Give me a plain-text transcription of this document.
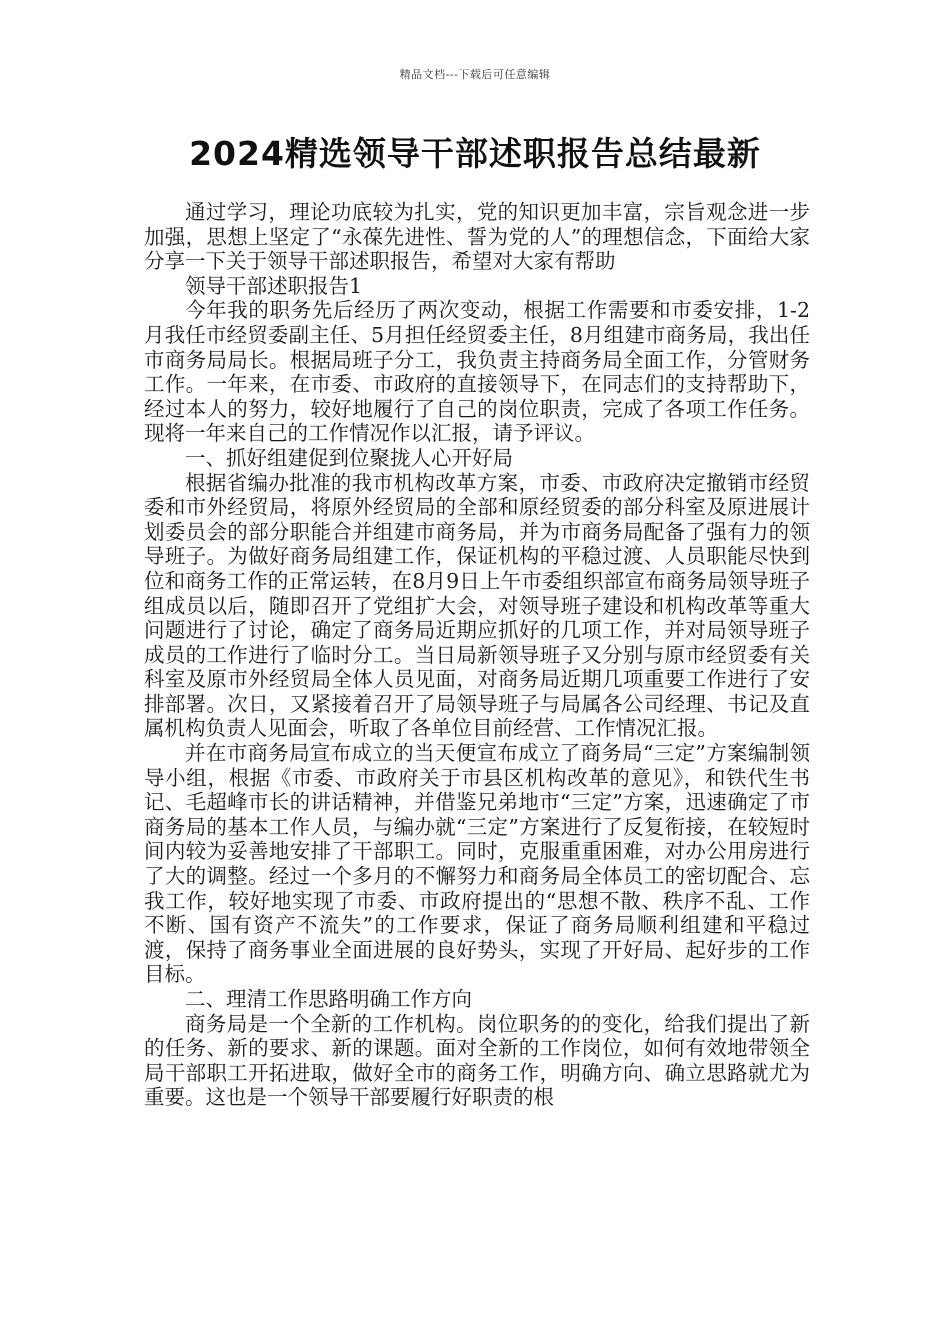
精品文档---下载后可任意编辑
2024精选领导干部述职报告总结最新

通过学习，理论功底较为扎实，党的知识更加丰富，宗旨观念进一步加强，思想上坚定了“永葆先进性、誓为党的人”的理想信念，下面给大家分享一下关于领导干部述职报告，希望对大家有帮助

领导干部述职报告1

今年我的职务先后经历了两次变动，根据工作需要和市委安排，1-2月我任市经贸委副主任、5月担任经贸委主任，8月组建市商务局，我出任市商务局局长。根据局班子分工，我负责主持商务局全面工作，分管财务工作。一年来，在市委、市政府的直接领导下，在同志们的支持帮助下，经过本人的努力，较好地履行了自己的岗位职责，完成了各项工作任务。现将一年来自己的工作情况作以汇报，请予评议。

一、抓好组建促到位聚拢人心开好局

根据省编办批准的我市机构改革方案，市委、市政府决定撤销市经贸委和市外经贸局，将原外经贸局的全部和原经贸委的部分科室及原进展计划委员会的部分职能合并组建市商务局，并为市商务局配备了强有力的领导班子。为做好商务局组建工作，保证机构的平稳过渡、人员职能尽快到位和商务工作的正常运转，在8月9日上午市委组织部宣布商务局领导班子组成员以后，随即召开了党组扩大会，对领导班子建设和机构改革等重大问题进行了讨论，确定了商务局近期应抓好的几项工作，并对局领导班子成员的工作进行了临时分工。当日局新领导班子又分别与原市经贸委有关科室及原市外经贸局全体人员见面，对商务局近期几项重要工作进行了安排部署。次日，又紧接着召开了局领导班子与局属各公司经理、书记及直属机构负责人见面会，听取了各单位目前经营、工作情况汇报。

并在市商务局宣布成立的当天便宣布成立了商务局“三定”方案编制领导小组，根据《市委、市政府关于市县区机构改革的意见》，和铁代生书记、毛超峰市长的讲话精神，并借鉴兄弟地市“三定”方案，迅速确定了市商务局的基本工作人员，与编办就“三定”方案进行了反复衔接，在较短时间内较为妥善地安排了干部职工。同时，克服重重困难，对办公用房进行了大的调整。经过一个多月的不懈努力和商务局全体员工的密切配合、忘我工作，较好地实现了市委、市政府提出的“思想不散、秩序不乱、工作不断、国有资产不流失”的工作要求，保证了商务局顺利组建和平稳过渡，保持了商务事业全面进展的良好势头，实现了开好局、起好步的工作目标。

二、理清工作思路明确工作方向

商务局是一个全新的工作机构。岗位职务的的变化，给我们提出了新的任务、新的要求、新的课题。面对全新的工作岗位，如何有效地带领全局干部职工开拓进取，做好全市的商务工作，明确方向、确立思路就尤为重要。这也是一个领导干部要履行好职责的根
